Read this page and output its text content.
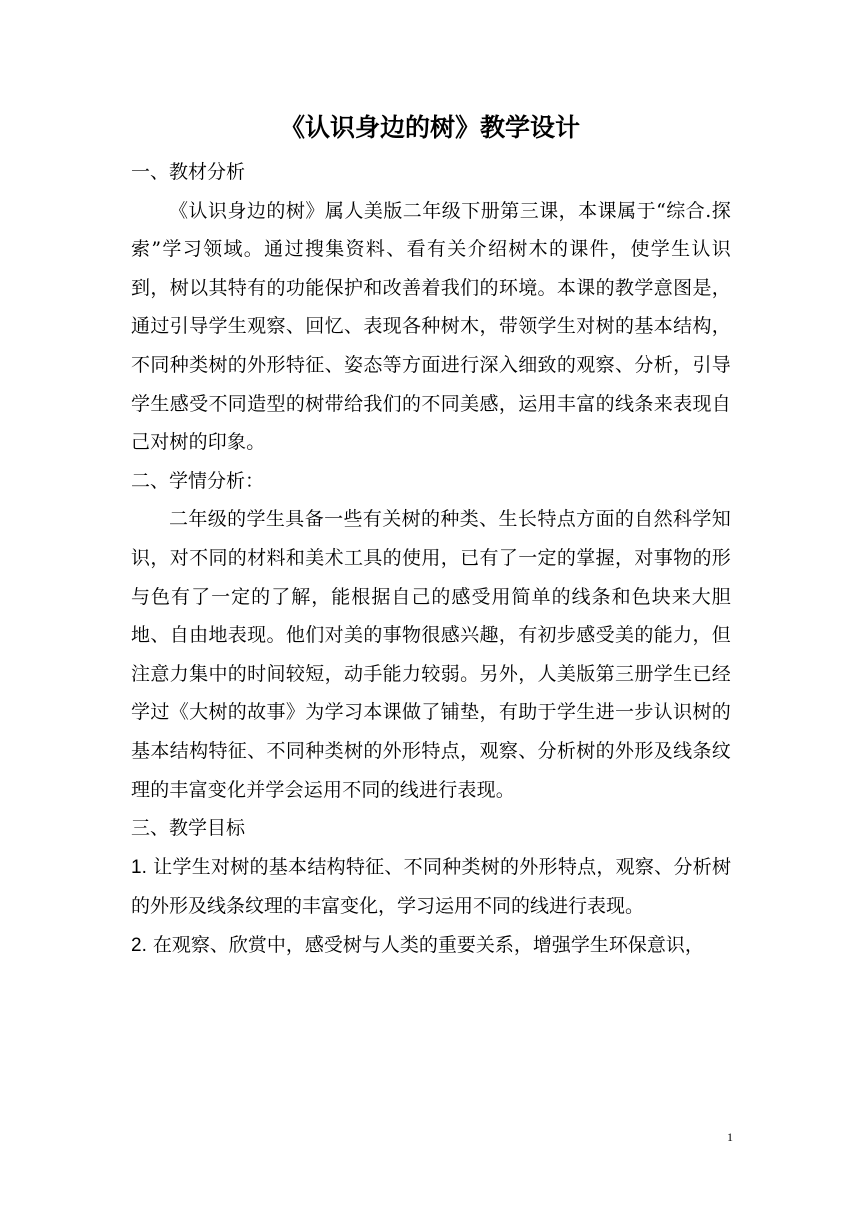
《认识身边的树》教学设计

一、教材分析

《认识身边的树》属人美版二年级下册第三课，本课属于“综合.探索”学习领域。通过搜集资料、看有关介绍树木的课件，使学生认识到，树以其特有的功能保护和改善着我们的环境。本课的教学意图是，通过引导学生观察、回忆、表现各种树木，带领学生对树的基本结构，不同种类树的外形特征、姿态等方面进行深入细致的观察、分析，引导学生感受不同造型的树带给我们的不同美感，运用丰富的线条来表现自己对树的印象。

二、学情分析：

二年级的学生具备一些有关树的种类、生长特点方面的自然科学知识，对不同的材料和美术工具的使用，已有了一定的掌握，对事物的形与色有了一定的了解，能根据自己的感受用简单的线条和色块来大胆地、自由地表现。他们对美的事物很感兴趣，有初步感受美的能力，但注意力集中的时间较短，动手能力较弱。另外，人美版第三册学生已经学过《大树的故事》为学习本课做了铺垫，有助于学生进一步认识树的基本结构特征、不同种类树的外形特点，观察、分析树的外形及线条纹理的丰富变化并学会运用不同的线进行表现。

三、教学目标

1. 让学生对树的基本结构特征、不同种类树的外形特点，观察、分析树的外形及线条纹理的丰富变化，学习运用不同的线进行表现。

2. 在观察、欣赏中，感受树与人类的重要关系，增强学生环保意识，

1
